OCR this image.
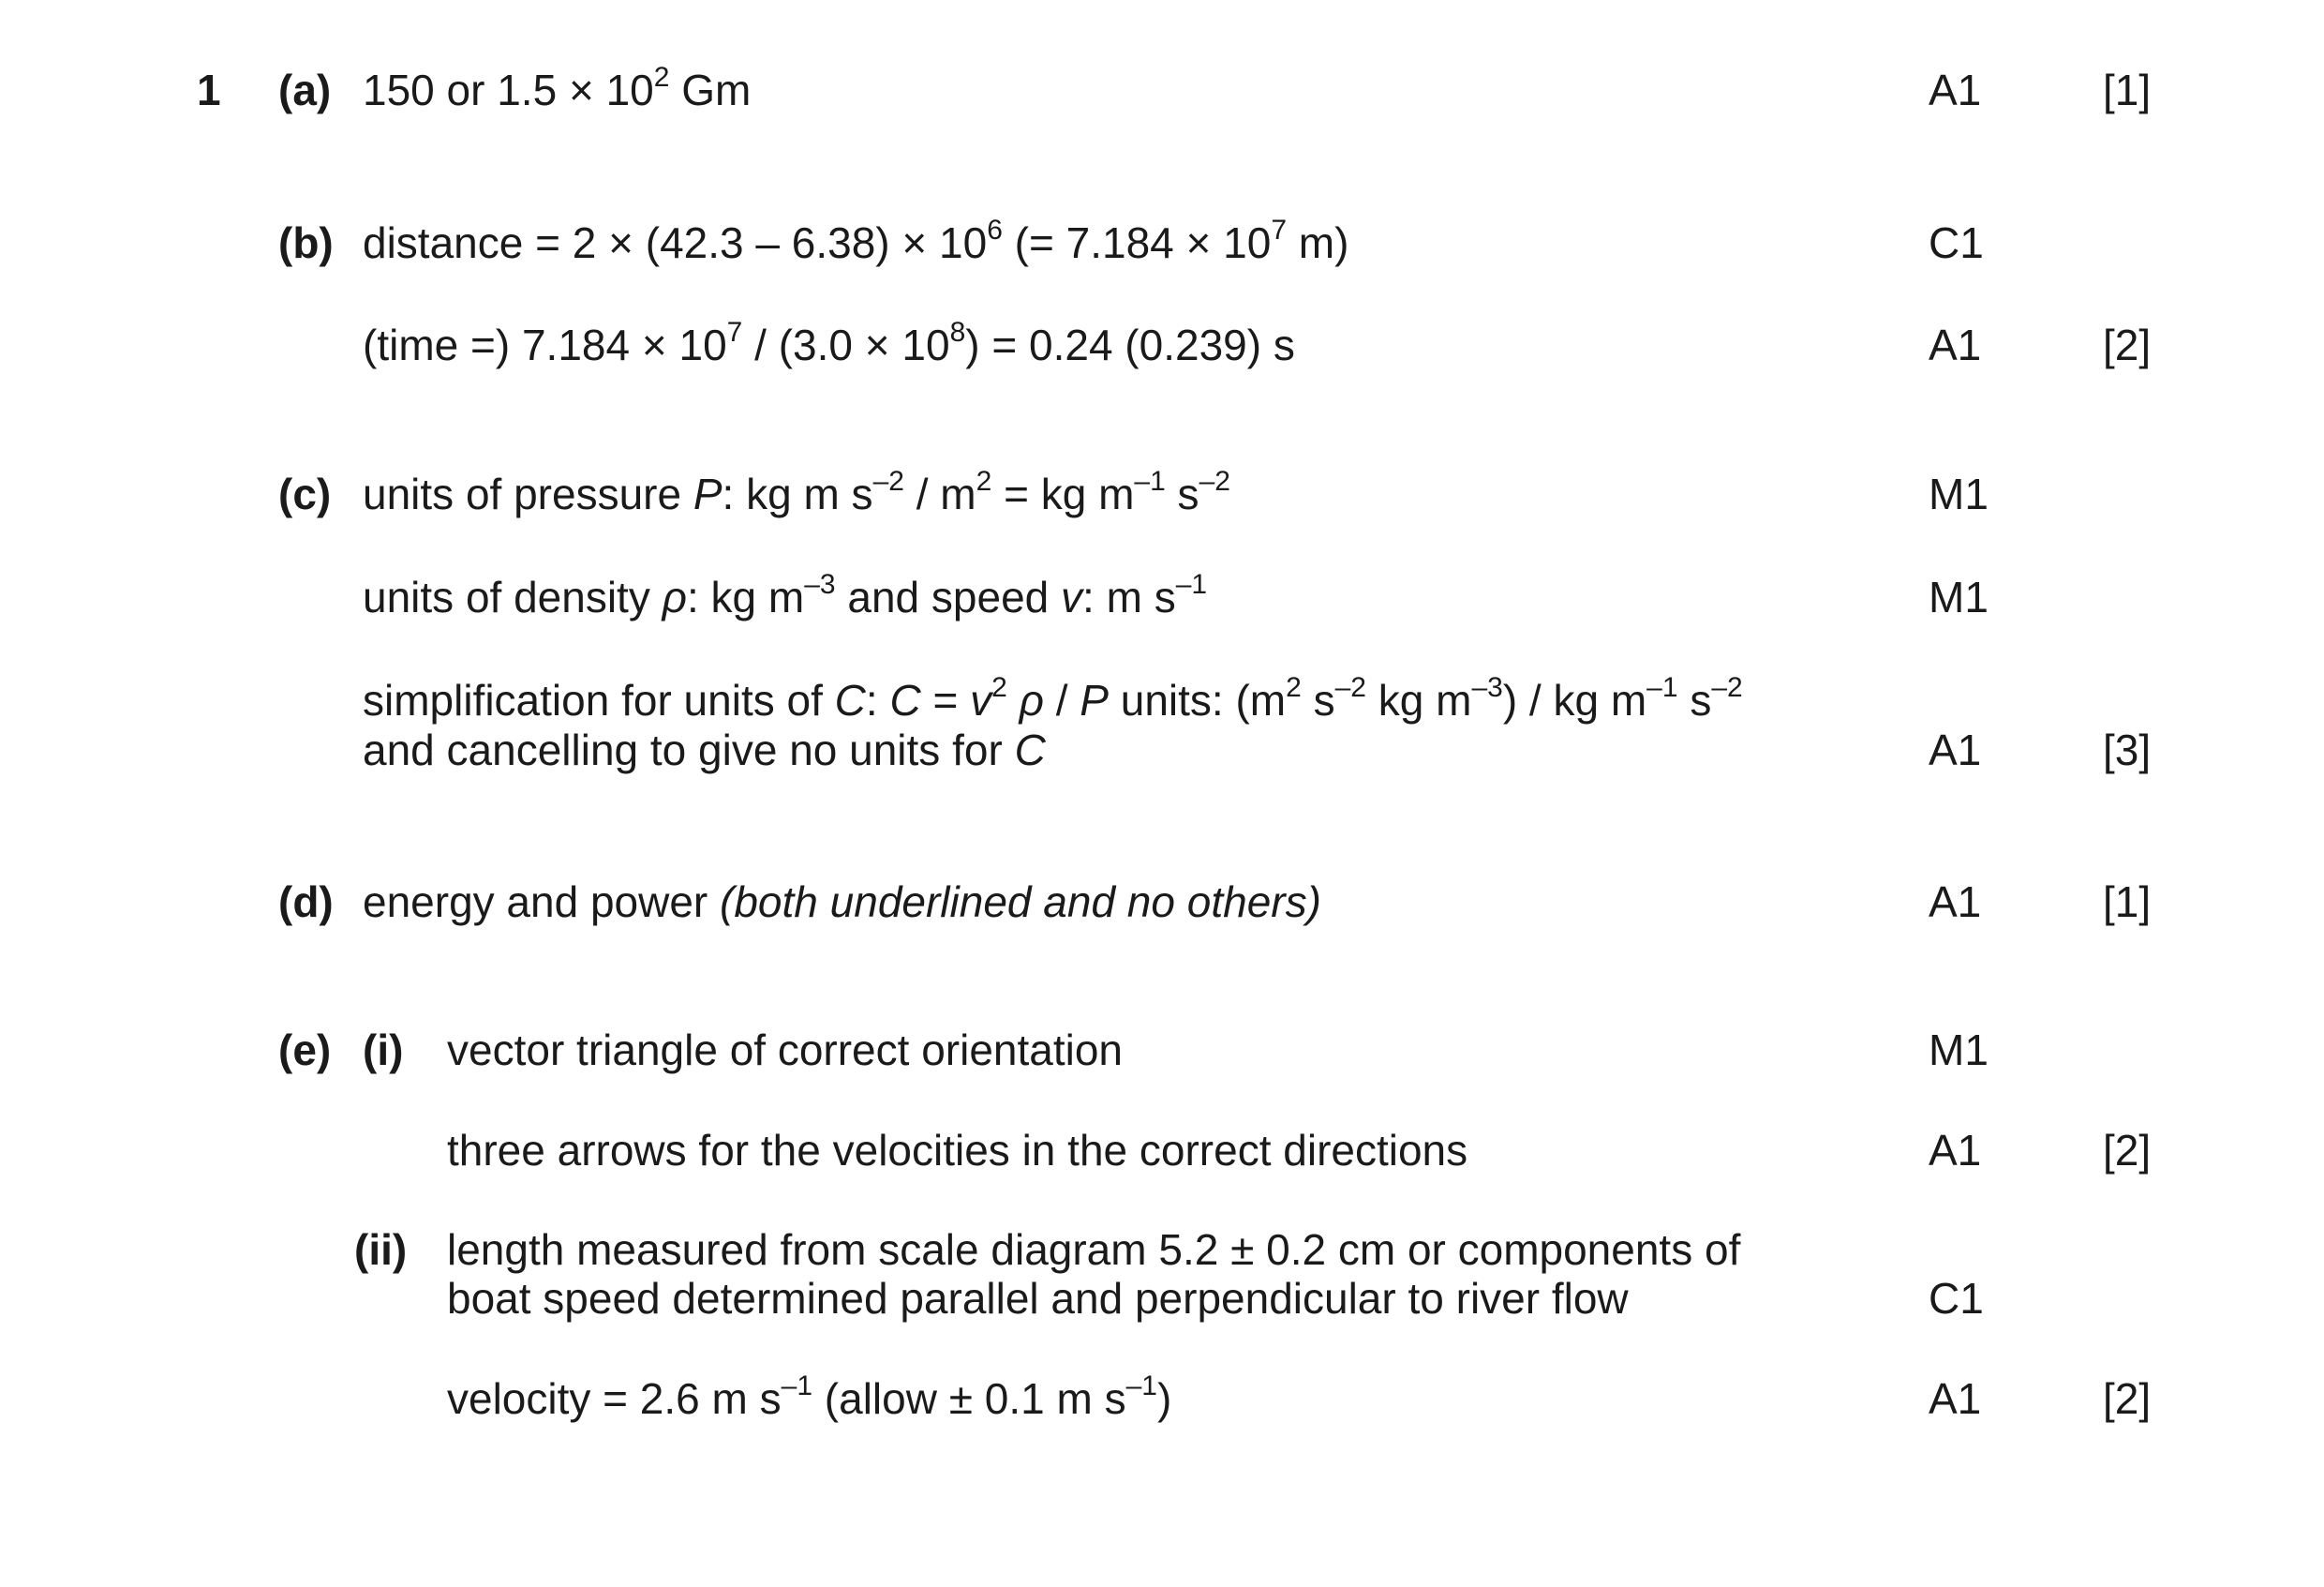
1 (a) 150 or $1.5 \times 10^2$ Gm	A1	[1]
(b) distance = $2 \times (42.3 - 6.38) \times 10^6$ (= $7.184 \times 10^7$ m)	C1
(time =) $7.184 \times 10^7 / (3.0 \times 10^8) = 0.24$ (0.239) s	A1	[2]
(c) units of pressure P: kg m $s^{-2} / m^2$ = kg $m^{-1}$ $s^{-2}$	M1
units of density ρ: kg $m^{-3}$ and speed v: m $s^{-1}$	M1
simplification for units of C: $C = v^2$ ρ / P units: ($m^2$ $s^{-2}$ kg $m^{-3}$) / kg $m^{-1}$ $s^{-2}$
and cancelling to give no units for C	A1	[3]
(d) energy and power (both underlined and no others)	A1	[1]
(e) (i) vector triangle of correct orientation	M1
three arrows for the velocities in the correct directions	A1	[2]
(ii) length measured from scale diagram 5.2 ± 0.2 cm or components of
boat speed determined parallel and perpendicular to river flow	C1
velocity = 2.6 m $s^{-1}$ (allow ± 0.1 m $s^{-1}$)	A1	[2]
